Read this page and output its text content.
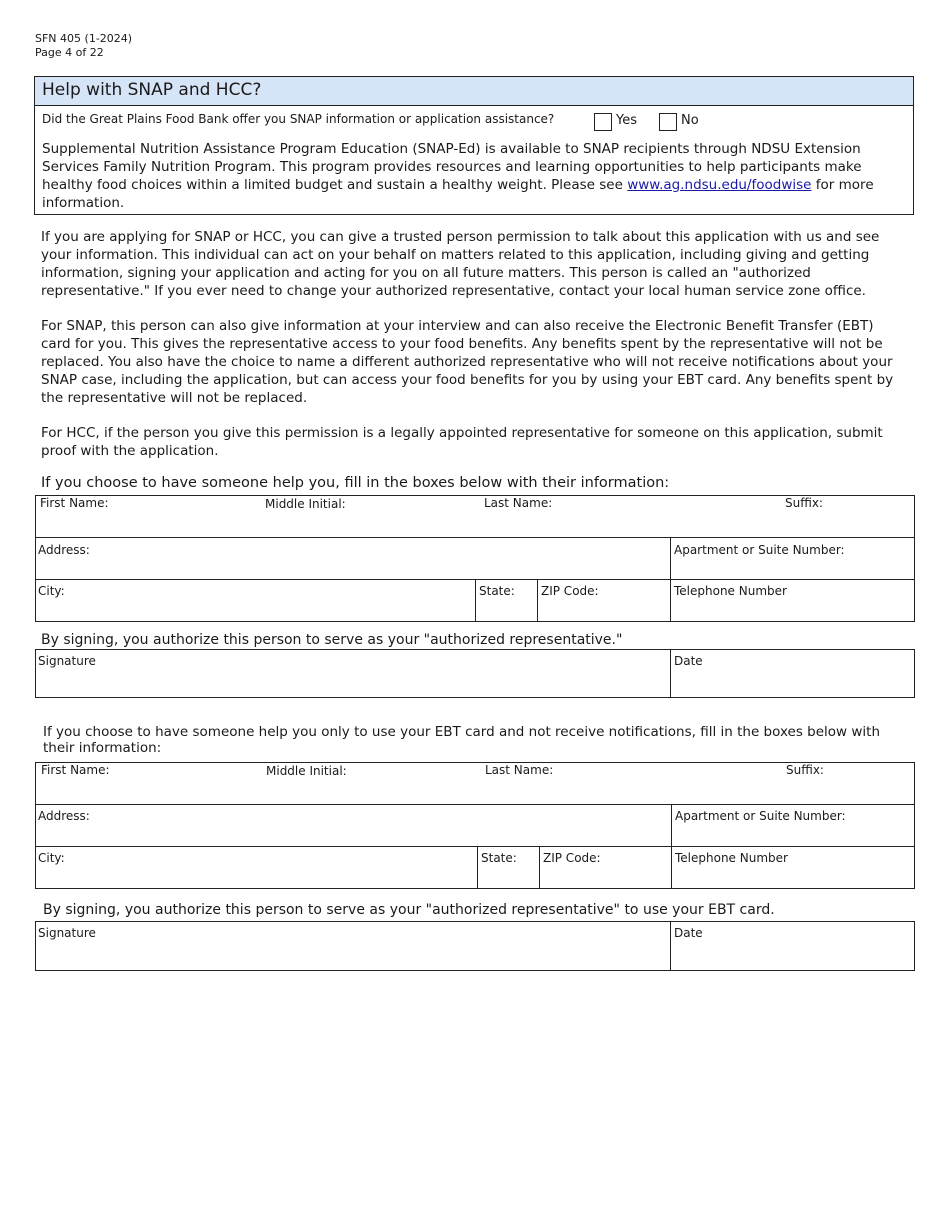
SFN 405 (1-2024)
Page 4 of 22
Help with SNAP and HCC?
Did the Great Plains Food Bank offer you SNAP information or application assistance?	Yes	No
Supplemental Nutrition Assistance Program Education (SNAP-Ed) is available to SNAP recipients through NDSU Extension Services Family Nutrition Program. This program provides resources and learning opportunities to help participants make healthy food choices within a limited budget and sustain a healthy weight. Please see www.ag.ndsu.edu/foodwise for more information.
If you are applying for SNAP or HCC, you can give a trusted person permission to talk about this application with us and see your information. This individual can act on your behalf on matters related to this application, including giving and getting information, signing your application and acting for you on all future matters. This person is called an "authorized representative." If you ever need to change your authorized representative, contact your local human service zone office.
For SNAP, this person can also give information at your interview and can also receive the Electronic Benefit Transfer (EBT) card for you. This gives the representative access to your food benefits. Any benefits spent by the representative will not be replaced. You also have the choice to name a different authorized representative who will not receive notifications about your SNAP case, including the application, but can access your food benefits for you by using your EBT card. Any benefits spent by the representative will not be replaced.
For HCC, if the person you give this permission is a legally appointed representative for someone on this application, submit proof with the application.
If you choose to have someone help you, fill in the boxes below with their information:
First Name:	Middle Initial:	Last Name:	Suffix:
Address:	Apartment or Suite Number:
City:	State:	ZIP Code:	Telephone Number
By signing, you authorize this person to serve as your "authorized representative."
Signature	Date
If you choose to have someone help you only to use your EBT card and not receive notifications, fill in the boxes below with their information:
First Name:	Middle Initial:	Last Name:	Suffix:
Address:	Apartment or Suite Number:
City:	State:	ZIP Code:	Telephone Number
By signing, you authorize this person to serve as your "authorized representative" to use your EBT card.
Signature	Date
